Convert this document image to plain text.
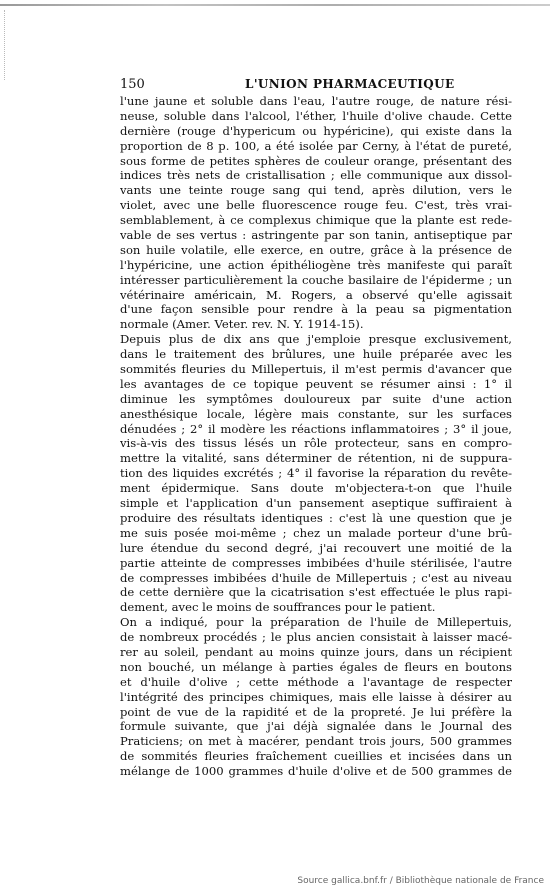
150	L'UNION PHARMACEUTIQUE
l'une jaune et soluble dans l'eau, l'autre rouge, de nature rési-
neuse, soluble dans l'alcool, l'éther, l'huile d'olive chaude. Cette
dernière (rouge d'hypericum ou hypéricine), qui existe dans la
proportion de 8 p. 100, a été isolée par Cerny, à l'état de pureté,
sous forme de petites sphères de couleur orange, présentant des
indices très nets de cristallisation ; elle communique aux dissol-
vants une teinte rouge sang qui tend, après dilution, vers le
violet, avec une belle fluorescence rouge feu. C'est, très vrai-
semblablement, à ce complexus chimique que la plante est rede-
vable de ses vertus : astringente par son tanin, antiseptique par
son huile volatile, elle exerce, en outre, grâce à la présence de
l'hypéricine, une action épithéliogène très manifeste qui paraît
intéresser particulièrement la couche basilaire de l'épiderme ; un
vétérinaire américain, M. Rogers, a observé qu'elle agissait
d'une façon sensible pour rendre à la peau sa pigmentation
normale (Amer. Veter. rev. N. Y. 1914-15).
Depuis plus de dix ans que j'emploie presque exclusivement,
dans le traitement des brûlures, une huile préparée avec les
sommités fleuries du Millepertuis, il m'est permis d'avancer que
les avantages de ce topique peuvent se résumer ainsi : 1° il
diminue les symptômes douloureux par suite d'une action
anesthésique locale, légère mais constante, sur les surfaces
dénudées ; 2° il modère les réactions inflammatoires ; 3° il joue,
vis-à-vis des tissus lésés un rôle protecteur, sans en compro-
mettre la vitalité, sans déterminer de rétention, ni de suppura-
tion des liquides excrétés ; 4° il favorise la réparation du revête-
ment épidermique. Sans doute m'objectera-t-on que l'huile
simple et l'application d'un pansement aseptique suffiraient à
produire des résultats identiques : c'est là une question que je
me suis posée moi-même ; chez un malade porteur d'une brû-
lure étendue du second degré, j'ai recouvert une moitié de la
partie atteinte de compresses imbibées d'huile stérilisée, l'autre
de compresses imbibées d'huile de Millepertuis ; c'est au niveau
de cette dernière que la cicatrisation s'est effectuée le plus rapi-
dement, avec le moins de souffrances pour le patient.
On a indiqué, pour la préparation de l'huile de Millepertuis,
de nombreux procédés ; le plus ancien consistait à laisser macé-
rer au soleil, pendant au moins quinze jours, dans un récipient
non bouché, un mélange à parties égales de fleurs en boutons
et d'huile d'olive ; cette méthode a l'avantage de respecter
l'intégrité des principes chimiques, mais elle laisse à désirer au
point de vue de la rapidité et de la propreté. Je lui préfère la
formule suivante, que j'ai déjà signalée dans le Journal des
Praticiens; on met à macérer, pendant trois jours, 500 grammes
de sommités fleuries fraîchement cueillies et incisées dans un
mélange de 1000 grammes d'huile d'olive et de 500 grammes de
Source gallica.bnf.fr / Bibliothèque nationale de France
